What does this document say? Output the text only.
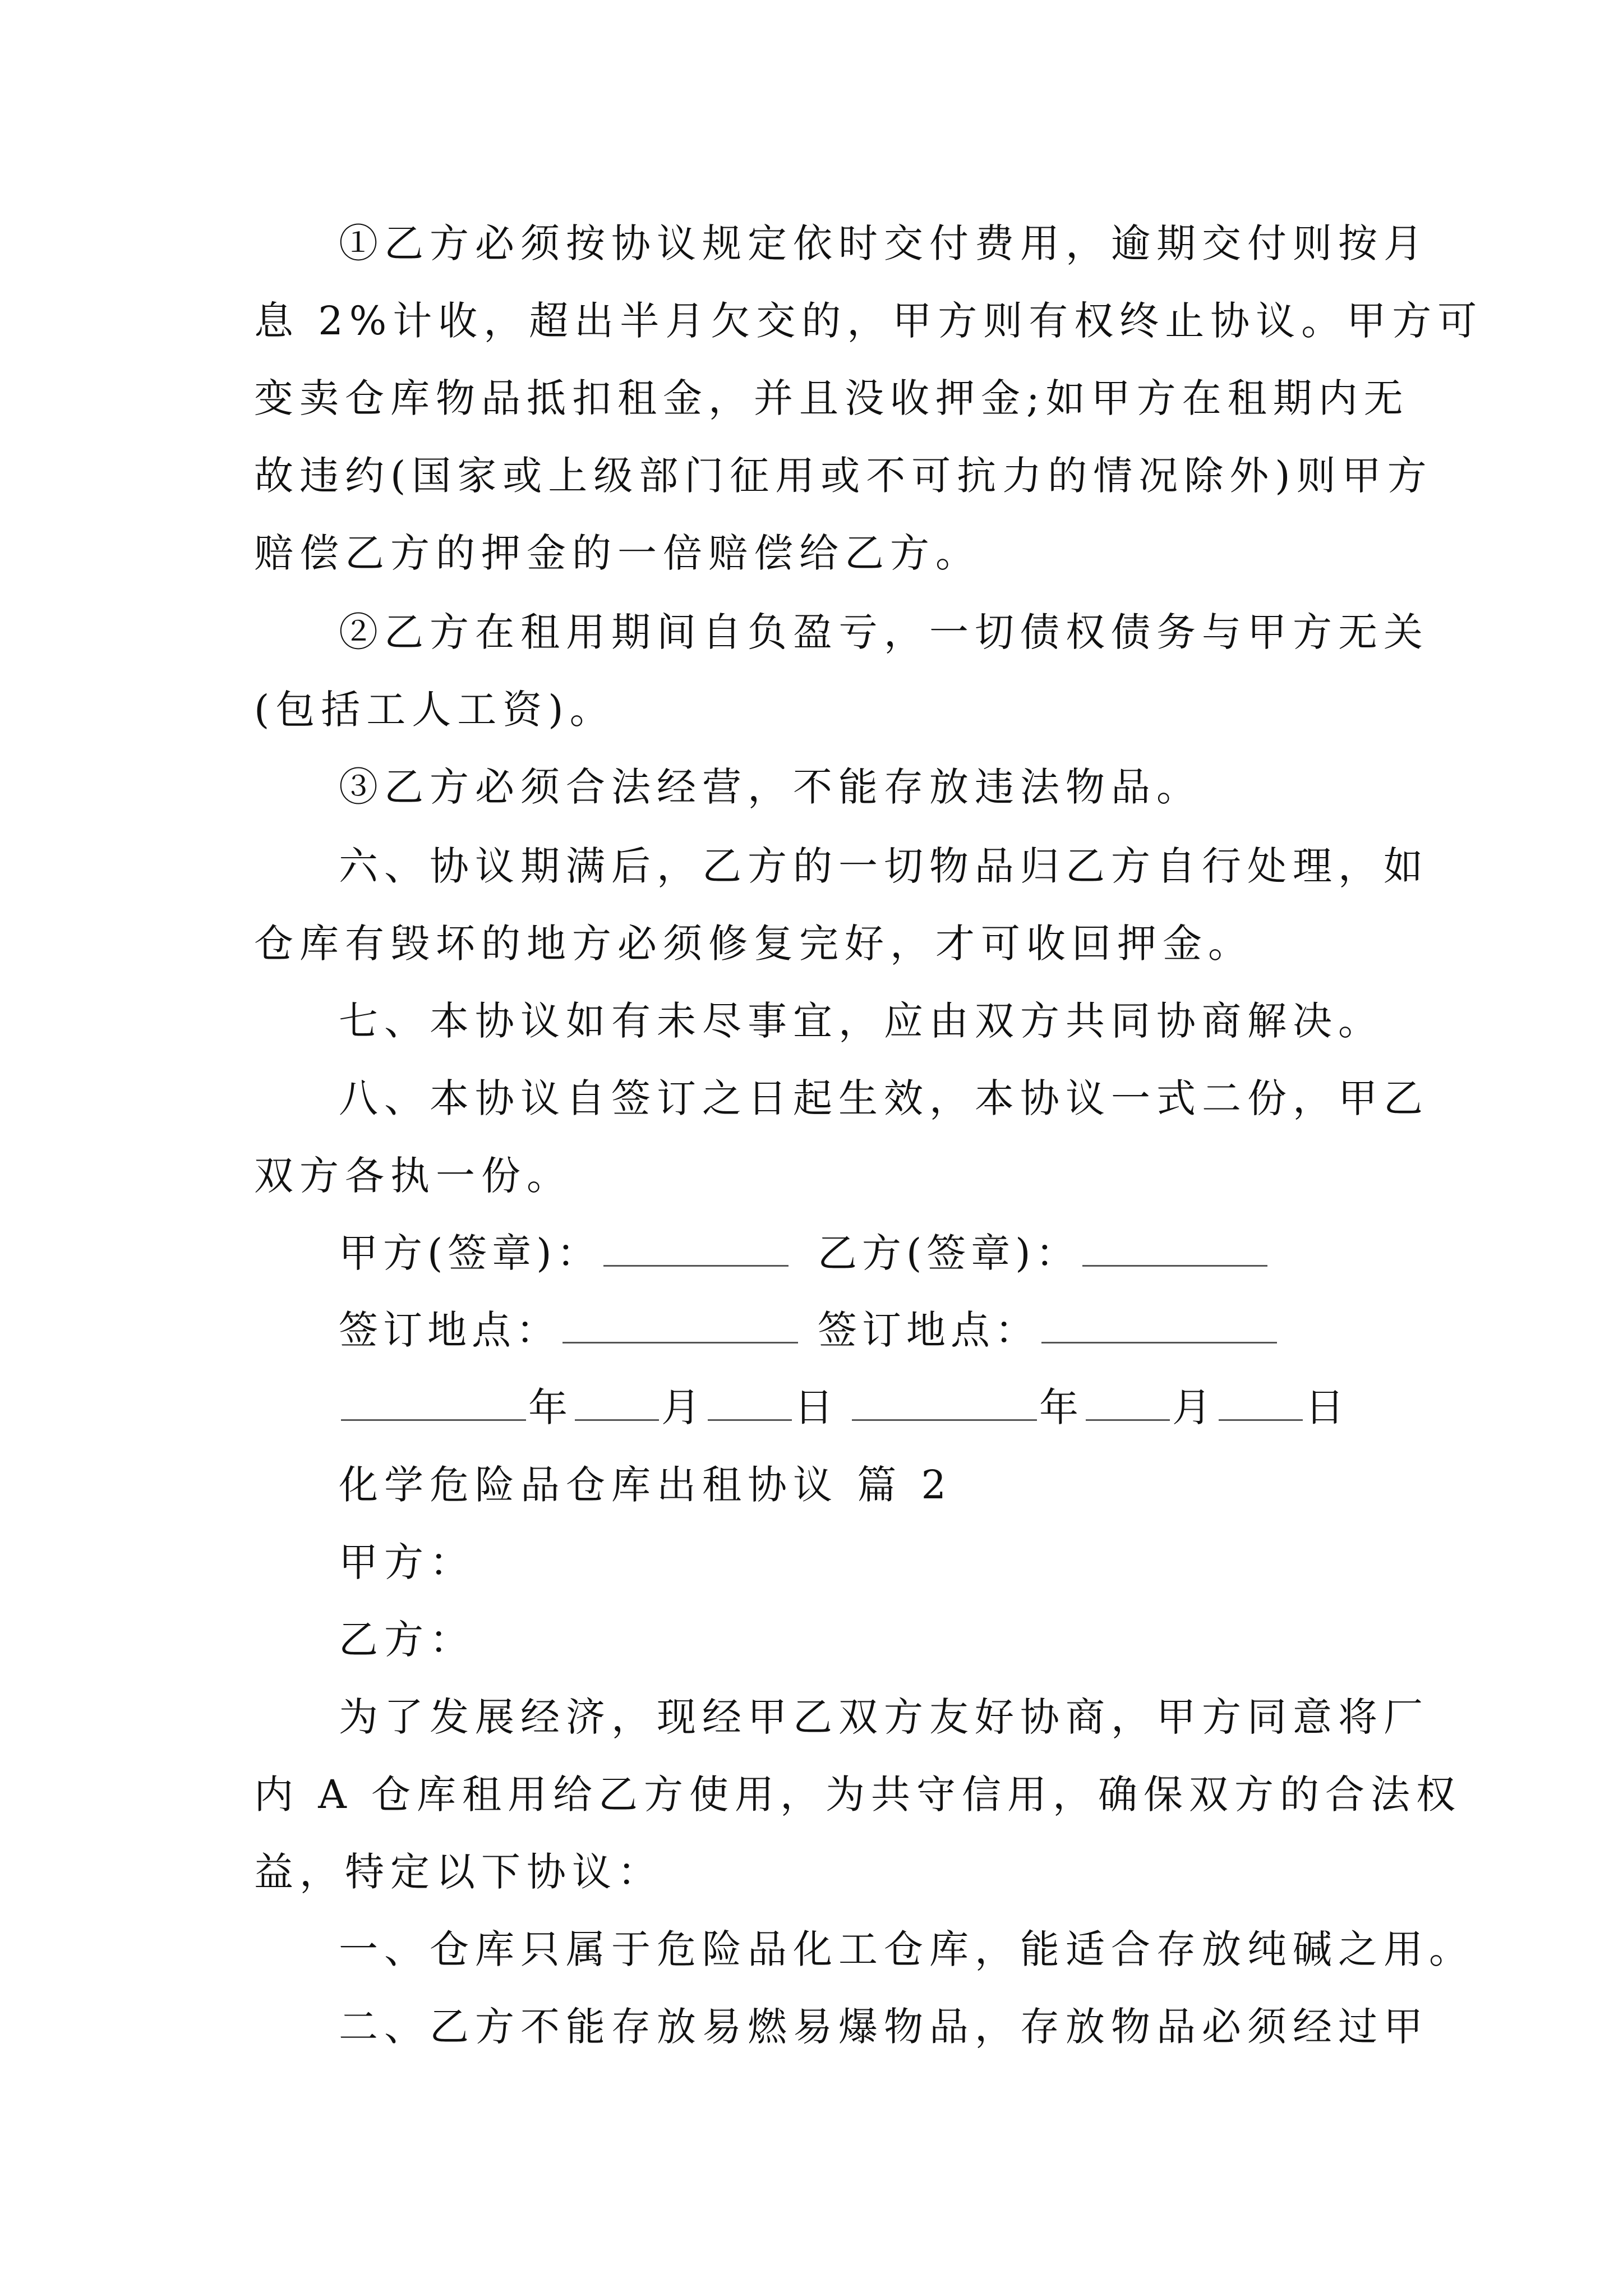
①乙方必须按协议规定依时交付费用，逾期交付则按月
息 2%计收，超出半月欠交的，甲方则有权终止协议。甲方可
变卖仓库物品抵扣租金，并且没收押金;如甲方在租期内无
故违约(国家或上级部门征用或不可抗力的情况除外)则甲方
赔偿乙方的押金的一倍赔偿给乙方。
②乙方在租用期间自负盈亏，一切债权债务与甲方无关
(包括工人工资)。
③乙方必须合法经营，不能存放违法物品。
六、协议期满后，乙方的一切物品归乙方自行处理，如
仓库有毁坏的地方必须修复完好，才可收回押金。
七、本协议如有未尽事宜，应由双方共同协商解决。
八、本协议自签订之日起生效，本协议一式二份，甲乙
双方各执一份。
甲方(签章)：	乙方(签章)：
签订地点：	签订地点：
年 月 日	年 月 日
化学危险品仓库出租协议 篇 2
甲方：
乙方：
为了发展经济，现经甲乙双方友好协商，甲方同意将厂
内 A 仓库租用给乙方使用，为共守信用，确保双方的合法权
益，特定以下协议：
一、仓库只属于危险品化工仓库，能适合存放纯碱之用。
二、乙方不能存放易燃易爆物品，存放物品必须经过甲
